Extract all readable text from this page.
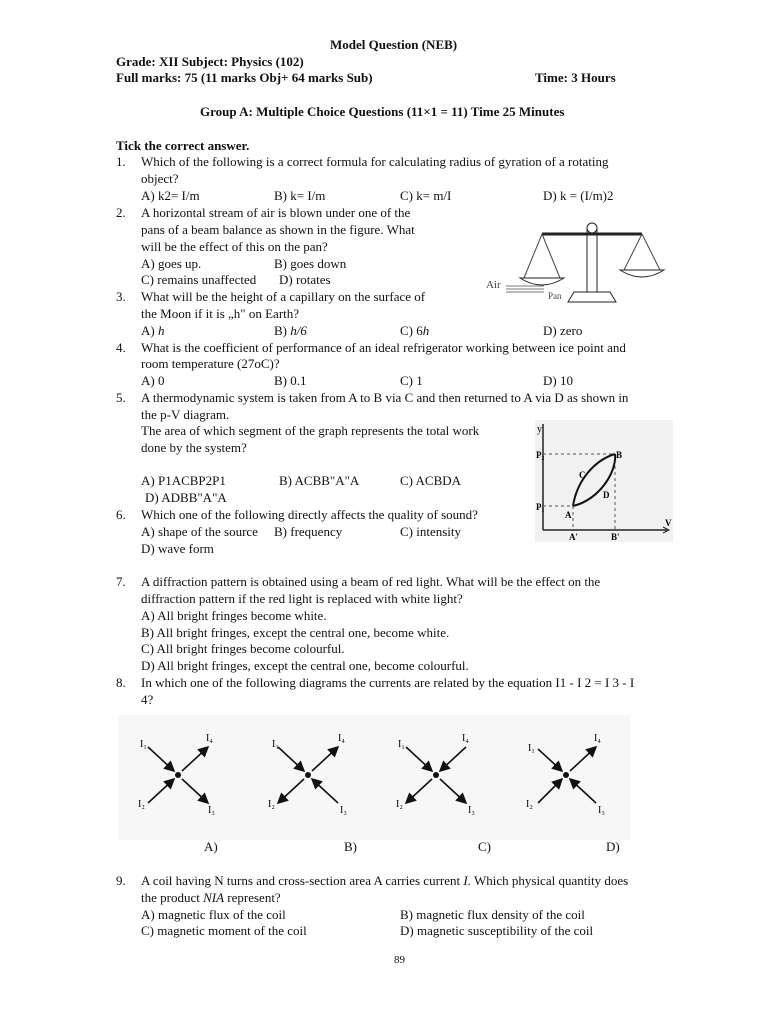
Model Question (NEB)
Grade: XII Subject: Physics (102)
Full marks: 75 (11 marks Obj+ 64 marks Sub)	Time: 3 Hours
Group A: Multiple Choice Questions (11×1 = 11) Time 25 Minutes
Tick the correct answer.
1. Which of the following is a correct formula for calculating radius of gyration of a rotating
object?
A) k2= I/m	B) k= I/m	C) k= m/I	D) k = (I/m)2
2. A horizontal stream of air is blown under one of the
pans of a beam balance as shown in the figure. What
will be the effect of this on the pan?
A) goes up.	B) goes down
C) remains unaffected D) rotates	Air
Pan
3. What will be the height of a capillary on the surface of
the Moon if it is „h" on Earth?
A) h	B) h/6	C) 6h	D) zero
4. What is the coefficient of performance of an ideal refrigerator working between ice point and
room temperature (27oC)?
A) 0	B) 0.1	C) 1	D) 10
5. A thermodynamic system is taken from A to B via C and then returned to A via D as shown in
the p-V diagram.
The area of which segment of the graph represents the total work
done by the system?
A) P1ACBP2P1	B) ACBB"A"A	C) ACBDA
D) ADBB"A"A
y
P₂
P₁
A
B
C
D
V
A'	B'
6. Which one of the following directly affects the quality of sound?
A) shape of the source B) frequency	C) intensity
D) wave form
7. A diffraction pattern is obtained using a beam of red light. What will be the effect on the
diffraction pattern if the red light is replaced with white light?
A) All bright fringes become white.
B) All bright fringes, except the central one, become white.
C) All bright fringes become colourful.
D) All bright fringes, except the central one, become colourful.
8. In which one of the following diagrams the currents are related by the equation I1 - I 2 = I 3 - I
4?
I₁
I₂
I₃
I₄
I₁
I₂
I₃
I₄
I₁
I₂
I₃
I₄
I₁
I₂
I₃
I₄
A)	B)	C)	D)
9. A coil having N turns and cross-section area A carries current I. Which physical quantity does
the product NIA represent?
A) magnetic flux of the coil	B) magnetic flux density of the coil
C) magnetic moment of the coil	D) magnetic susceptibility of the coil
89
